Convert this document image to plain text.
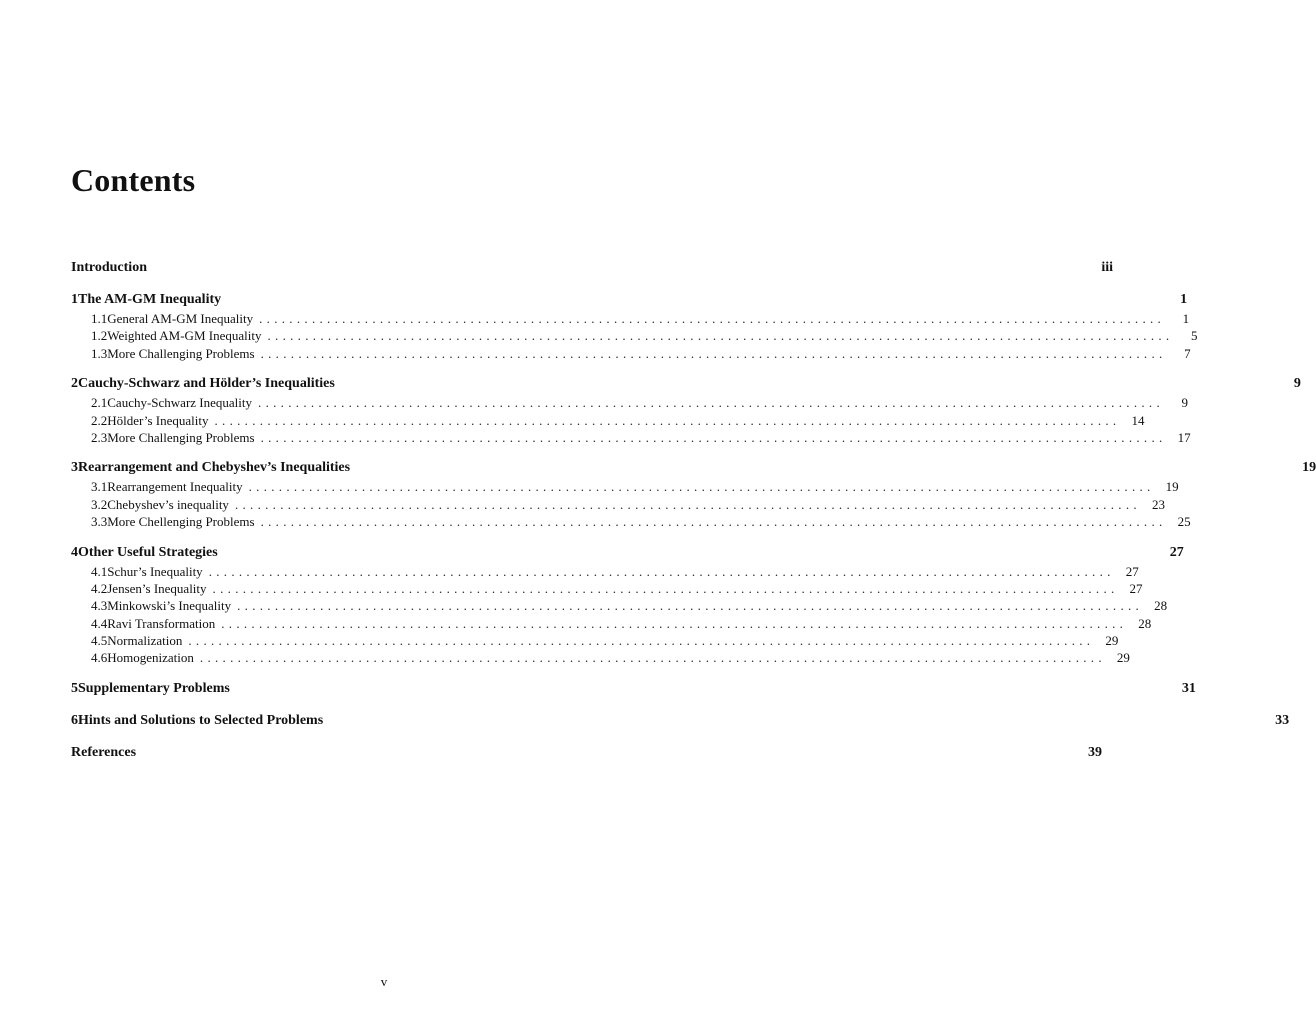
Contents
Introduction	iii
1 The AM-GM Inequality	1
1.1 General AM-GM Inequality ........................................................................................................................	1
1.2 Weighted AM-GM Inequality ........................................................................................................................	5
1.3 More Challenging Problems ........................................................................................................................	7
2 Cauchy-Schwarz and Hölder’s Inequalities	9
2.1 Cauchy-Schwarz Inequality ........................................................................................................................	9
2.2 Hölder’s Inequality ........................................................................................................................ 14
2.3 More Challenging Problems ........................................................................................................................ 17
3 Rearrangement and Chebyshev’s Inequalities	19
3.1 Rearrangement Inequality ........................................................................................................................ 19
3.2 Chebyshev’s inequality ........................................................................................................................ 23
3.3 More Chellenging Problems ........................................................................................................................ 25
4 Other Useful Strategies	27
4.1 Schur’s Inequality ........................................................................................................................ 27
4.2 Jensen’s Inequality ........................................................................................................................ 27
4.3 Minkowski’s Inequality ........................................................................................................................ 28
4.4 Ravi Transformation ........................................................................................................................ 28
4.5 Normalization ........................................................................................................................ 29
4.6 Homogenization ........................................................................................................................ 29
5 Supplementary Problems	31
6 Hints and Solutions to Selected Problems	33
References	39
v
